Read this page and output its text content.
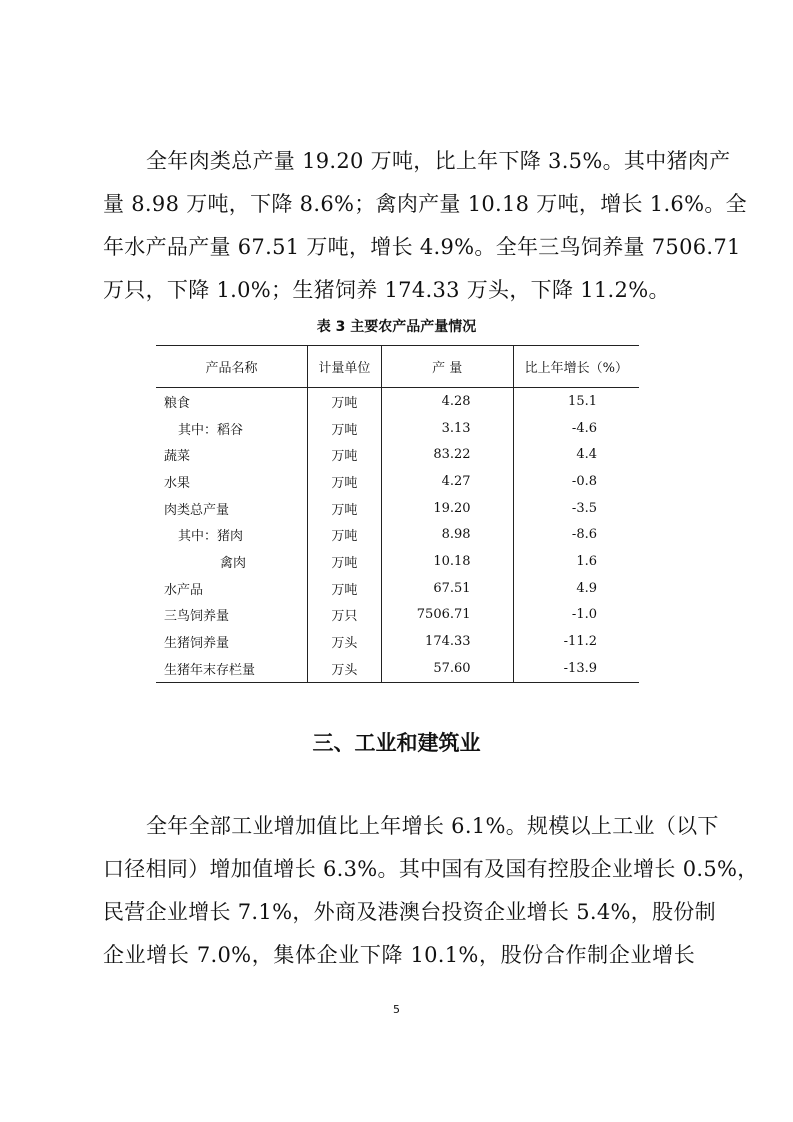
全年肉类总产量 19.20 万吨，比上年下降 3.5%。其中猪肉产
量 8.98 万吨，下降 8.6%；禽肉产量 10.18 万吨，增长 1.6%。全
年水产品产量 67.51 万吨，增长 4.9%。全年三鸟饲养量 7506.71
万只，下降 1.0%；生猪饲养 174.33 万头，下降 11.2%。
表 3 主要农产品产量情况
产品名称	计量单位	产 量	比上年增长（%）
粮食	万吨	4.28	15.1
其中：稻谷	万吨	3.13	-4.6
蔬菜	万吨	83.22	4.4
水果	万吨	4.27	-0.8
肉类总产量	万吨	19.20	-3.5
其中：猪肉	万吨	8.98	-8.6
禽肉	万吨	10.18	1.6
水产品	万吨	67.51	4.9
三鸟饲养量	万只	7506.71	-1.0
生猪饲养量	万头	174.33	-11.2
生猪年末存栏量	万头	57.60	-13.9
三、工业和建筑业
全年全部工业增加值比上年增长 6.1%。规模以上工业（以下
口径相同）增加值增长 6.3%。其中国有及国有控股企业增长 0.5%，
民营企业增长 7.1%，外商及港澳台投资企业增长 5.4%，股份制
企业增长 7.0%，集体企业下降 10.1%，股份合作制企业增长
5
